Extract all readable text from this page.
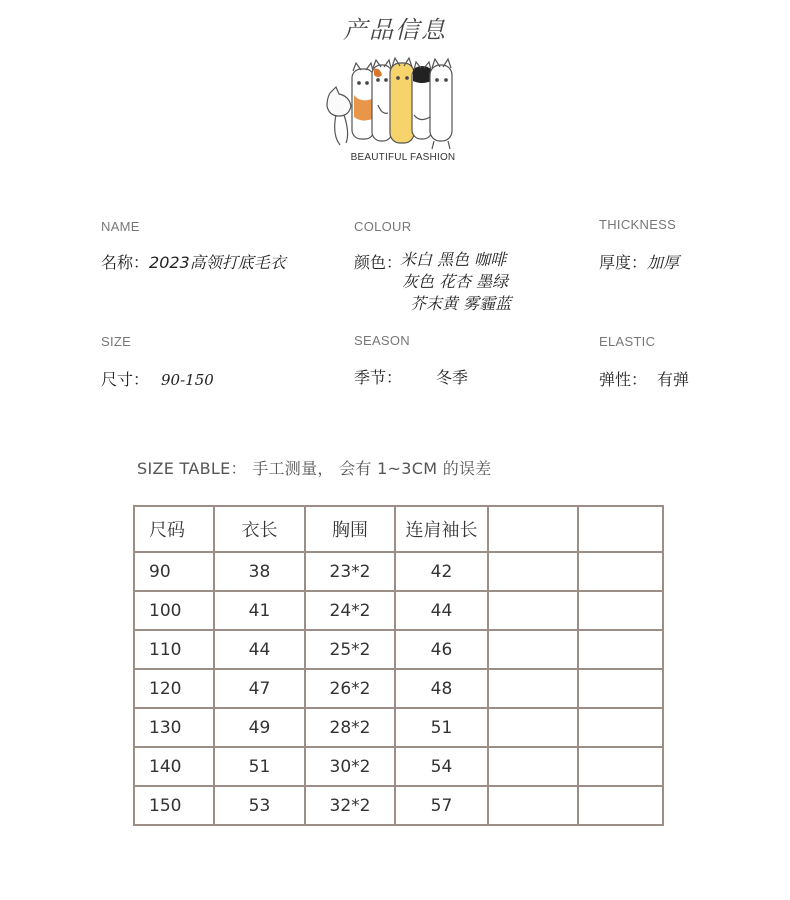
产品信息
BEAUTIFUL FASHION
NAME	COLOUR	THICKNESS
名称：2023高领打底毛衣	颜色：
米白 黑色 咖啡
灰色 花杏 墨绿
芥末黄 雾霾蓝
厚度：加厚
SIZE	SEASON	ELASTIC
尺寸： 90-150	季节： 冬季	弹性： 有弹
SIZE TABLE： 手工测量， 会有 1~3CM 的误差
尺码	衣长	胸围	连肩袖长		
90	38	23*2	42		
100	41	24*2	44		
110	44	25*2	46		
120	47	26*2	48		
130	49	28*2	51		
140	51	30*2	54		
150	53	32*2	57		
